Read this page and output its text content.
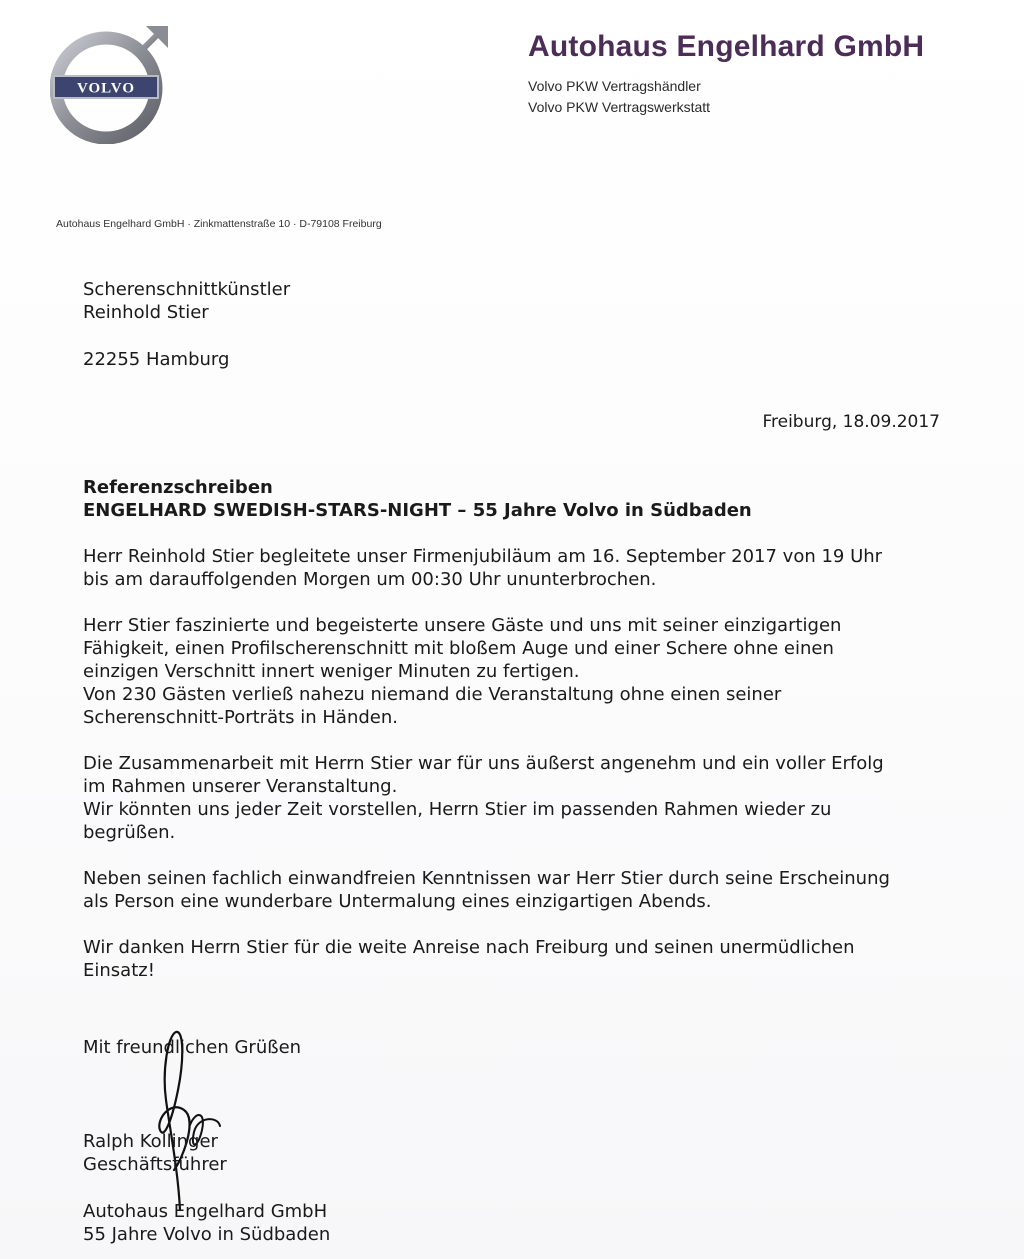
VOLVO
Autohaus Engelhard GmbH
Volvo PKW Vertragshändler
Volvo PKW Vertragswerkstatt
Autohaus Engelhard GmbH · Zinkmattenstraße 10 · D-79108 Freiburg
Scherenschnittkünstler
Reinhold Stier
22255 Hamburg
Freiburg, 18.09.2017
Referenzschreiben
ENGELHARD SWEDISH-STARS-NIGHT – 55 Jahre Volvo in Südbaden
Herr Reinhold Stier begleitete unser Firmenjubiläum am 16. September 2017 von 19 Uhr
bis am darauffolgenden Morgen um 00:30 Uhr ununterbrochen.
Herr Stier faszinierte und begeisterte unsere Gäste und uns mit seiner einzigartigen
Fähigkeit, einen Profilscherenschnitt mit bloßem Auge und einer Schere ohne einen
einzigen Verschnitt innert weniger Minuten zu fertigen.
Von 230 Gästen verließ nahezu niemand die Veranstaltung ohne einen seiner
Scherenschnitt-Porträts in Händen.
Die Zusammenarbeit mit Herrn Stier war für uns äußerst angenehm und ein voller Erfolg
im Rahmen unserer Veranstaltung.
Wir könnten uns jeder Zeit vorstellen, Herrn Stier im passenden Rahmen wieder zu
begrüßen.
Neben seinen fachlich einwandfreien Kenntnissen war Herr Stier durch seine Erscheinung
als Person eine wunderbare Untermalung eines einzigartigen Abends.
Wir danken Herrn Stier für die weite Anreise nach Freiburg und seinen unermüdlichen
Einsatz!
Mit freundlichen Grüßen
Ralph Kollinger
Geschäftsführer
Autohaus Engelhard GmbH
55 Jahre Volvo in Südbaden
